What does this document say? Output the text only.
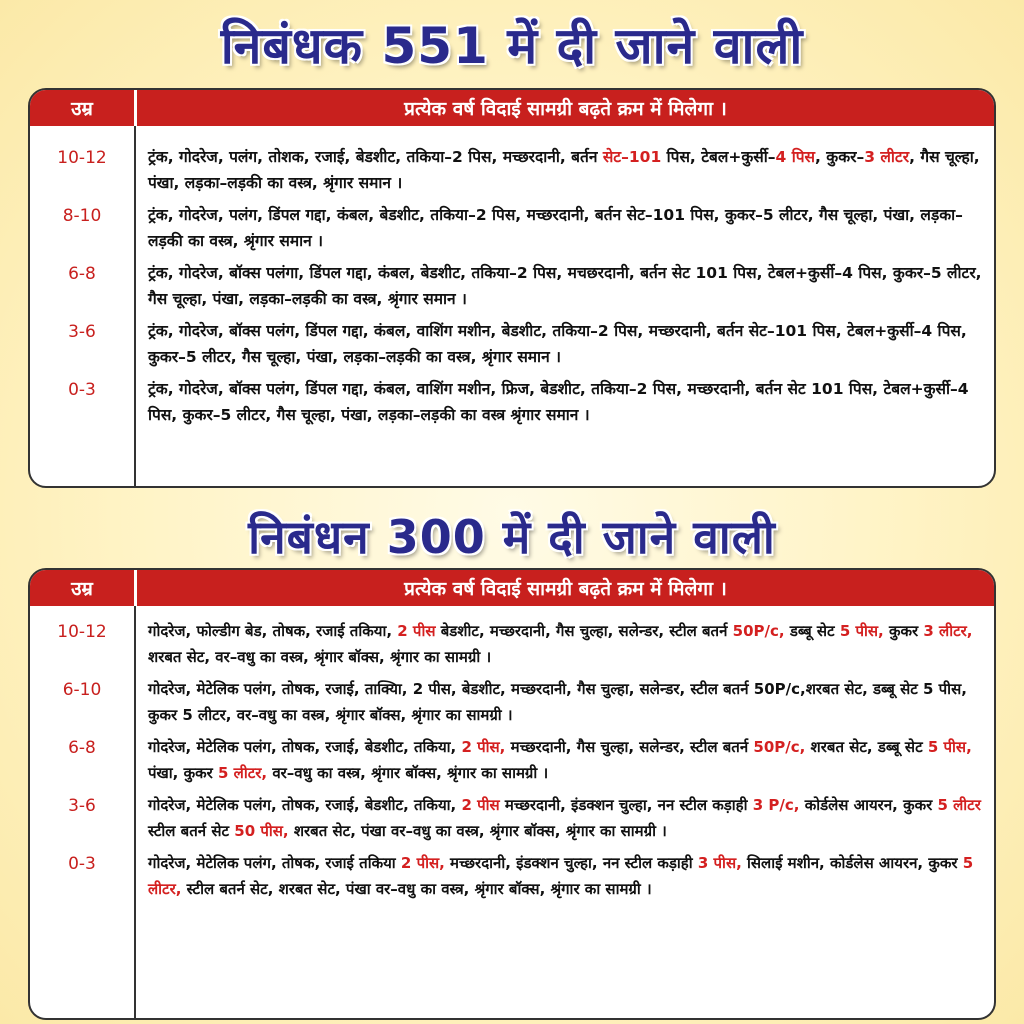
निबंधक 551 में दी जाने वाली
उम्र	प्रत्येक वर्ष विदाई सामग्री बढ़ते क्रम में मिलेगा ।
10-12	ट्रंक, गोदरेज, पलंग, तोशक, रजाई, बेडशीट, तकिया–2 पिस, मच्छरदानी, बर्तन सेट–101 पिस, टेबल+कुर्सी–4 पिस, कुकर–3 लीटर, गैस चूल्हा, पंखा, लड़का–लड़की का वस्त्र, श्रृंगार समान ।
8-10	ट्रंक, गोदरेज, पलंग, डिंपल गद्दा, कंबल, बेडशीट, तकिया–2 पिस, मच्छरदानी, बर्तन सेट–101 पिस, कुकर–5 लीटर, गैस चूल्हा, पंखा, लड़का–लड़की का वस्त्र, श्रृंगार समान ।
6-8	ट्रंक, गोदरेज, बॉक्स पलंगा, डिंपल गद्दा, कंबल, बेडशीट, तकिया–2 पिस, मचछरदानी, बर्तन सेट 101 पिस, टेबल+कुर्सी–4 पिस, कुकर–5 लीटर, गैस चूल्हा, पंखा, लड़का–लड़की का वस्त्र, श्रृंगार समान ।
3-6	ट्रंक, गोदरेज, बॉक्स पलंग, डिंपल गद्दा, कंबल, वाशिंग मशीन, बेडशीट, तकिया–2 पिस, मच्छरदानी, बर्तन सेट–101 पिस, टेबल+कुर्सी–4 पिस, कुकर–5 लीटर, गैस चूल्हा, पंखा, लड़का–लड़की का वस्त्र, श्रृंगार समान ।
0-3	ट्रंक, गोदरेज, बॉक्स पलंग, डिंपल गद्दा, कंबल, वाशिंग मशीन, फ्रिज, बेडशीट, तकिया–2 पिस, मच्छरदानी, बर्तन सेट 101 पिस, टेबल+कुर्सी–4 पिस, कुकर–5 लीटर, गैस चूल्हा, पंखा, लड़का–लड़की का वस्त्र श्रृंगार समान ।
निबंधन 300 में दी जाने वाली
उम्र	प्रत्येक वर्ष विदाई सामग्री बढ़ते क्रम में मिलेगा ।
10-12	गोदरेज, फोल्डीग बेड, तोषक, रजाई तकिया, 2 पीस बेडशीट, मच्छरदानी, गैस चुल्हा, सलेन्डर, स्टील बतर्न 50P/c, डब्बू सेट 5 पीस, कुकर 3 लीटर, शरबत सेट, वर–वधु का वस्त्र, श्रृंगार बॉक्स, श्रृंगार का सामग्री ।
6-10	गोदरेज, मेटेलिक पलंग, तोषक, रजाई, ताक्यिा, 2 पीस, बेडशीट, मच्छरदानी, गैस चुल्हा, सलेन्डर, स्टील बतर्न 50P/c,शरबत सेट, डब्बू सेट 5 पीस, कुकर 5 लीटर, वर–वधु का वस्त्र, श्रृंगार बॉक्स, श्रृंगार का सामग्री ।
6-8	गोदरेज, मेटेलिक पलंग, तोषक, रजाई, बेडशीट, तकिया, 2 पीस, मच्छरदानी, गैस चुल्हा, सलेन्डर, स्टील बतर्न 50P/c, शरबत सेट, डब्बू सेट 5 पीस, पंखा, कुकर 5 लीटर, वर–वधु का वस्त्र, श्रृंगार बॉक्स, श्रृंगार का सामग्री ।
3-6	गोदरेज, मेटेलिक पलंग, तोषक, रजाई, बेडशीट, तकिया, 2 पीस मच्छरदानी, इंडक्शन चुल्हा, नन स्टील कड़ाही 3 P/c, कोर्डलेस आयरन, कुकर 5 लीटर स्टील बतर्न सेट 50 पीस, शरबत सेट, पंखा वर–वधु का वस्त्र, श्रृंगार बॉक्स, श्रृंगार का सामग्री ।
0-3	गोदरेज, मेटेलिक पलंग, तोषक, रजाई तकिया 2 पीस, मच्छरदानी, इंडक्शन चुल्हा, नन स्टील कड़ाही 3 पीस, सिलाई मशीन, कोर्डलेस आयरन, कुकर 5 लीटर, स्टील बतर्न सेट, शरबत सेट, पंखा वर–वधु का वस्त्र, श्रृंगार बॉक्स, श्रृंगार का सामग्री ।
